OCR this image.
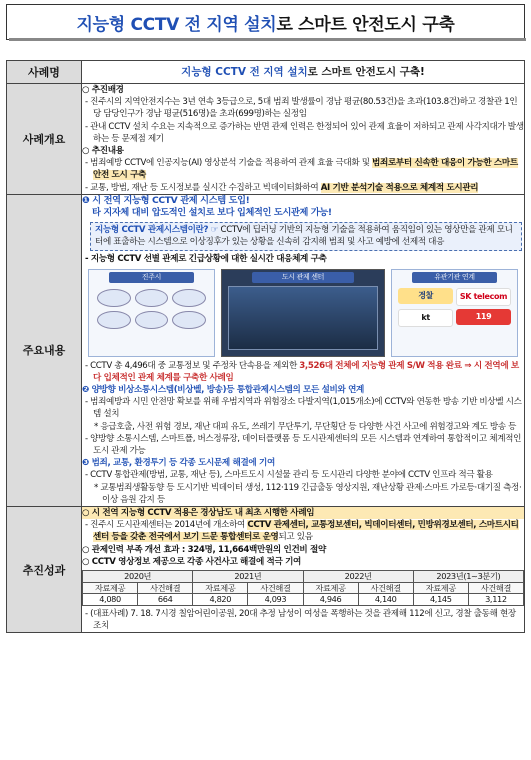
지능형 CCTV 전 지역 설치 로 스마트 안전도시 구축
사례명	지능형 CCTV 전 지역 설치로 스마트 안전도시 구축!
사례개요	
○ 추진배경
- 진주시의 지역안전지수는 3년 연속 3등급으로, 5대 범죄 발생률이 경남 평균(80.53건)을 초과(103.8건)하고 경찰관 1인당 담당인구가 경남 평균(516명)을 초과(699명)하는 실정임
- 관내 CCTV 설치 수요는 지속적으로 증가하는 반면 관제 인력은 한정되어 있어 관제 효율이 저하되고 관제 사각지대가 발생하는 등 문제점 제기
○ 추진내용
- 범죄예방 CCTV에 인공지능(AI) 영상분석 기술을 적용하여 관제 효율 극대화 및 범죄로부터 신속한 대응이 가능한 스마트 안전 도시 구축
- 교통, 방범, 재난 등 도시정보를 실시간 수집하고 빅데이터화하여 AI 기반 분석기술 적용으로 체계적 도시관리

주요내용	
❶ 시 전역 지능형 CCTV 관제 시스템 도입!
타 지자체 대비 압도적인 설치로 보다 입체적인 도시관제 가능!
지능형 CCTV 관제시스템이란? ☞ CCTV에 딥러닝 기반의 지능형 기술을 적용하여 움직임이 있는 영상만을 관제 모니터에 표출하는 시스템으로 이상징후가 있는 상황을 신속히 감지해 범죄 및 사고 예방에 선제적 대응
- 지능형 CCTV 선별 관제로 긴급상황에 대한 실시간 대응체계 구축
진주시	도시 관제 센터	유관기관 연계
경찰	SK telecom
kt	119
- CCTV 총 4,496대 중 교통정보 및 주정차 단속용을 제외한 3,526대 전체에 지능형 관제 S/W 적용 완료 ⇒ 시 전역에 보다 입체적인 관제 체계를 구축한 사례임
❷ 양방향 비상소통시스템(비상벨, 방송)등 통합관제시스템의 모든 설비와 연계
- 범죄예방과 시민 안전망 확보를 위해 우범지역과 위험장소 다발지역(1,015개소)에 CCTV와 연동한 방송 기반 비상벨 시스템 설치
* 응급호출, 사전 위험 경보, 재난 대피 유도, 쓰레기 무단투기, 무단횡단 등 다양한 사건 사고에 위험경고와 계도 방송 등
- 양방향 소통시스템, 스마트폴, 버스정류장, 데이터플랫폼 등 도시관제센터의 모든 시스템과 연계하여 통합적이고 체계적인 도시 관제 가능
❸ 범죄, 교통, 환경투기 등 각종 도시문제 해결에 기여
- CCTV 통합관제(방범, 교통, 재난 등), 스마트도시 시설물 관리 등 도시관리 다양한 분야에 CCTV 인프라 적극 활용
* 교통범죄생활동향 등 도시기반 빅데이터 생성, 112·119 긴급출동 영상지원, 재난상황 관제·스마트 가로등·대기질 측정·이상 음원 감지 등

추진성과	
○ 시 전역 지능형 CCTV 적용은 경상남도 내 최초 시행한 사례임
- 진주시 도시관제센터는 2014년에 개소하여 CCTV 관제센터, 교통정보센터, 빅데이터센터, 민방위경보센터, 스마트시티센터 등을 갖춘 전국에서 보기 드문 통합센터로 운영되고 있음
○ 관제인력 부족 개선 효과 : 324명, 11,664백만원의 인건비 절약
○ CCTV 영상정보 제공으로 각종 사건사고 해결에 적극 기여
2020년	2021년	2022년	2023년(1~3분기)
자료제공	사건해결	자료제공	사건해결	자료제공	사건해결	자료제공	사건해결
4,080	664	4,820	4,093	4,946	4,140	4,145	3,112
- (대표사례) 7. 18. 7시경 칠암어린이공원, 20대 추정 남성이 여성을 폭행하는 것을 관제해 112에 신고, 경찰 출동해 현장 조치
